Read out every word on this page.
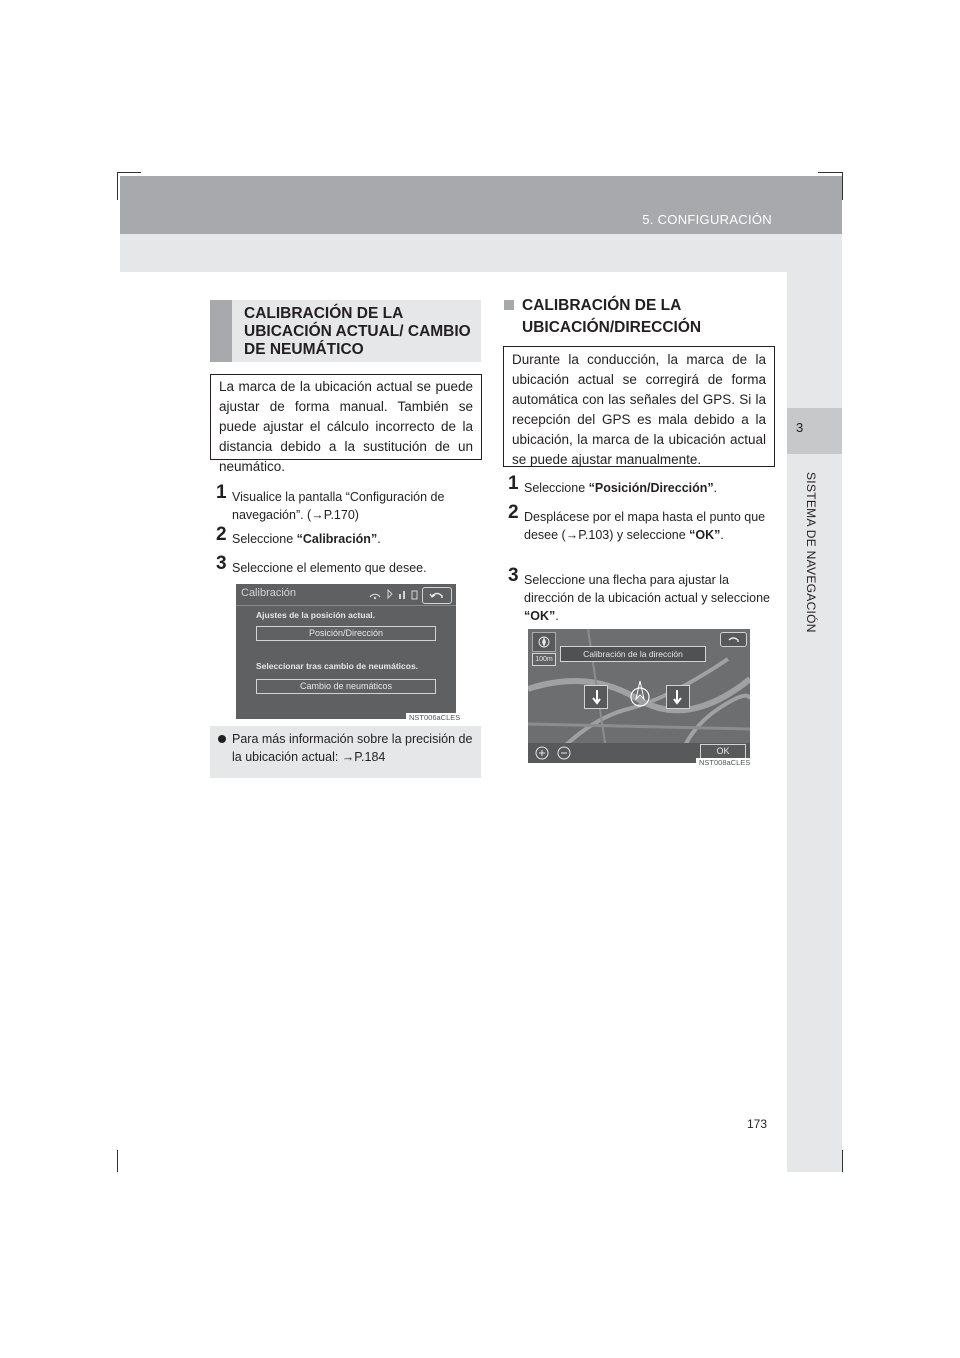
5. CONFIGURACIÓN
3
SISTEMA DE NAVEGACIÓN
CALIBRACIÓN DE LA UBICACIÓN ACTUAL/ CAMBIO DE NEUMÁTICO
La marca de la ubicación actual se puede ajustar de forma manual. También se puede ajustar el cálculo incorrecto de la distancia debido a la sustitución de un neumático.
1 Visualice la pantalla “Configuración de navegación”. (→P.170)
2 Seleccione “Calibración”.
3 Seleccione el elemento que desee.
Calibración
Ajustes de la posición actual.
Posición/Dirección
Seleccionar tras cambio de neumáticos.
Cambio de neumáticos
NST006aCLES
Para más información sobre la precisión de la ubicación actual: →P.184
CALIBRACIÓN DE LA UBICACIÓN/DIRECCIÓN
Durante la conducción, la marca de la ubicación actual se corregirá de forma automática con las señales del GPS. Si la recepción del GPS es mala debido a la ubicación, la marca de la ubicación actual se puede ajustar manualmente.
1 Seleccione “Posición/Dirección”.
2 Desplácese por el mapa hasta el punto que desee (→P.103) y seleccione “OK”.
3 Seleccione una flecha para ajustar la dirección de la ubicación actual y seleccione “OK”.
100m
Calibración de la dirección
OK
NST008aCLES
173
